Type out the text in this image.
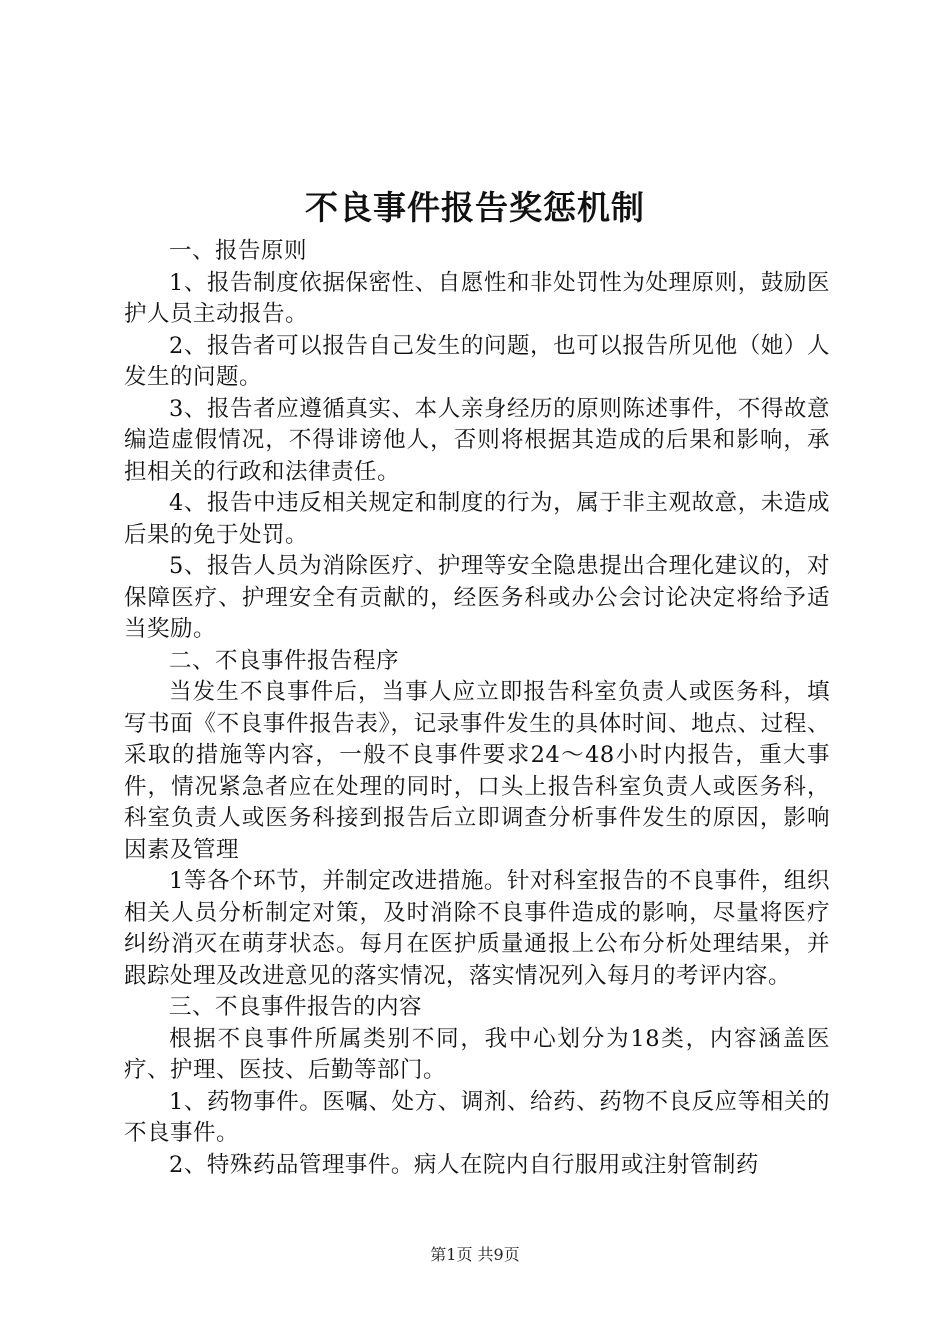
不良事件报告奖惩机制

一、报告原则

1、报告制度依据保密性、自愿性和非处罚性为处理原则，鼓励医护人员主动报告。

2、报告者可以报告自己发生的问题，也可以报告所见他（她）人发生的问题。

3、报告者应遵循真实、本人亲身经历的原则陈述事件，不得故意编造虚假情况，不得诽谤他人，否则将根据其造成的后果和影响，承担相关的行政和法律责任。

4、报告中违反相关规定和制度的行为，属于非主观故意，未造成后果的免于处罚。

5、报告人员为消除医疗、护理等安全隐患提出合理化建议的，对保障医疗、护理安全有贡献的，经医务科或办公会讨论决定将给予适当奖励。

二、不良事件报告程序

当发生不良事件后，当事人应立即报告科室负责人或医务科，填写书面《不良事件报告表》，记录事件发生的具体时间、地点、过程、采取的措施等内容，一般不良事件要求24～48小时内报告，重大事件，情况紧急者应在处理的同时，口头上报告科室负责人或医务科，科室负责人或医务科接到报告后立即调查分析事件发生的原因，影响因素及管理

1等各个环节，并制定改进措施。针对科室报告的不良事件，组织相关人员分析制定对策，及时消除不良事件造成的影响，尽量将医疗纠纷消灭在萌芽状态。每月在医护质量通报上公布分析处理结果，并跟踪处理及改进意见的落实情况，落实情况列入每月的考评内容。

三、不良事件报告的内容

根据不良事件所属类别不同，我中心划分为18类，内容涵盖医疗、护理、医技、后勤等部门。

1、药物事件。医嘱、处方、调剂、给药、药物不良反应等相关的不良事件。

2、特殊药品管理事件。病人在院内自行服用或注射管制药

第1页 共9页
